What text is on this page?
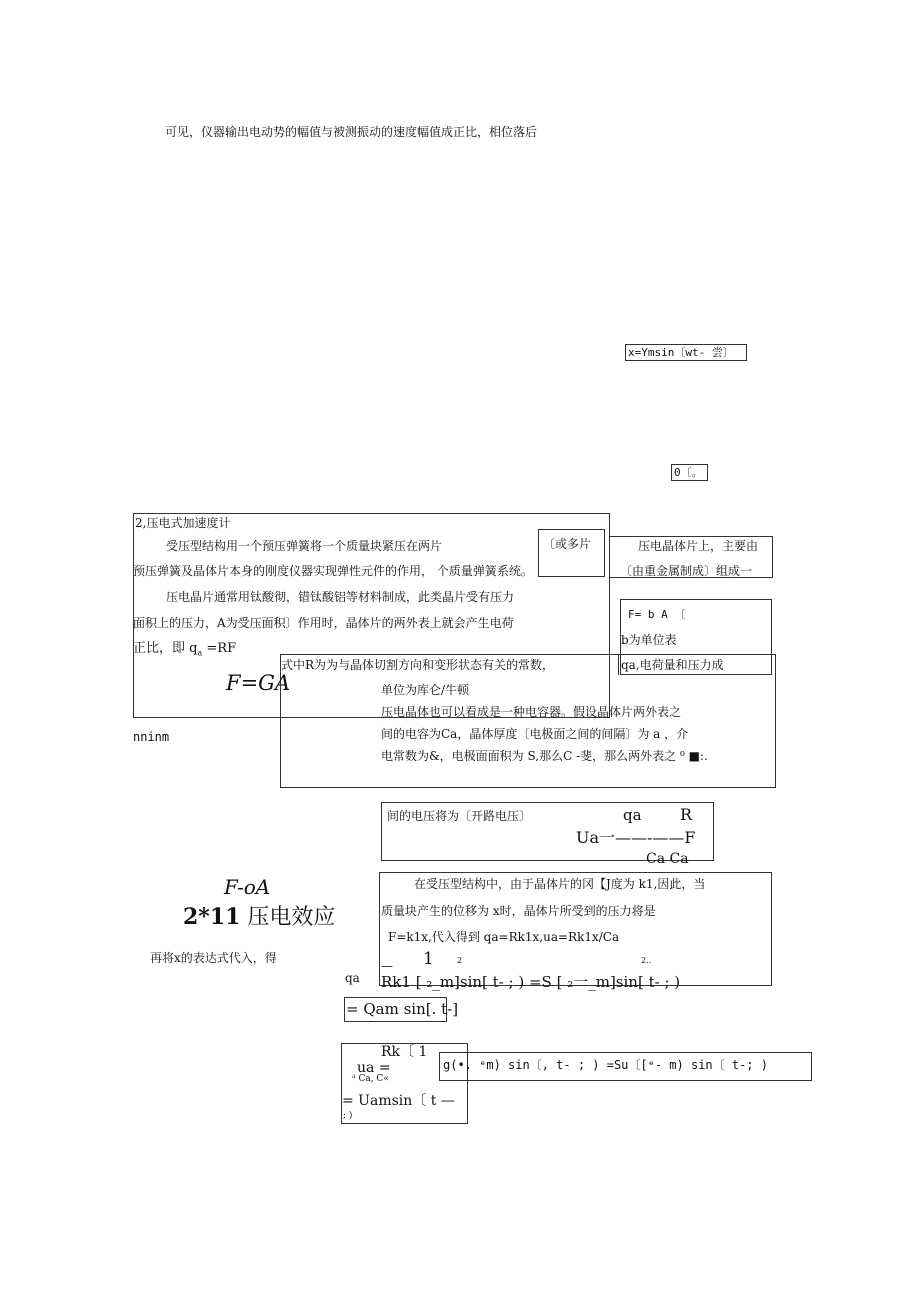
可见，仪器输出电动势的幅值与被测振动的速度幅值成正比，相位落后
x=Ymsin〔wt- 尝〕
0〔。
2,压电式加速度计
受压型结构用一个预压弹簧将一个质量块紧压在两片	〔或多片	压电晶体片上，主要由
预压弹簧及晶体片本身的刚度仪器实现弹性元件的作用， 个质量弹簧系统。	〔由重金属制成〕组成一
压电晶片通常用钛酸彻，错钛酸铝等材料制成，此类晶片受有压力
F= b A 〔
b为单位表
面积上的压力，A为受压面积〕作用时，晶体片的两外表上就会产生电荷
正比，即 $q_a =RF$
qa,电荷量和压力成
式中R为为与晶体切割方向和变形状态有关的常数，
F=GA	单位为库仑/牛顿
压电晶体也可以看成是一种电容器。假设晶体片两外表之
间的电容为Ca，晶体厚度〔电极面之间的间隔〕为 a ，介
电常数为&，电极面面积为 S,那么C -斐，那么两外表之 ⁰ ■:.
nninm
间的电压将为〔开路电压〕	qa R
Ua一——-——F
Ca Ca
F-oA
2*11 压电效应
再将x的表达式代入，得
在受压型结构中，由于晶体片的冈【J度为 k1,因此，当
质量块产生的位移为 x时，晶体片所受到的压力将是
F=k1x,代入得到 qa=Rk1x,ua=Rk1x/Ca
1	2	2..
Rk1 [ ₂_m]sin[ t- ; ) =S [ ₂一_m]sin[ t- ; )
qa
—
= Qam sin[. t-]
Rk〔 1
ua =
ᵈ Ca, C«
= Uamsin〔 t —
; )
g(•. ᵉm) sin〔, t- ; ) =Su〔[ᵉ- m) sin〔 t-; )
